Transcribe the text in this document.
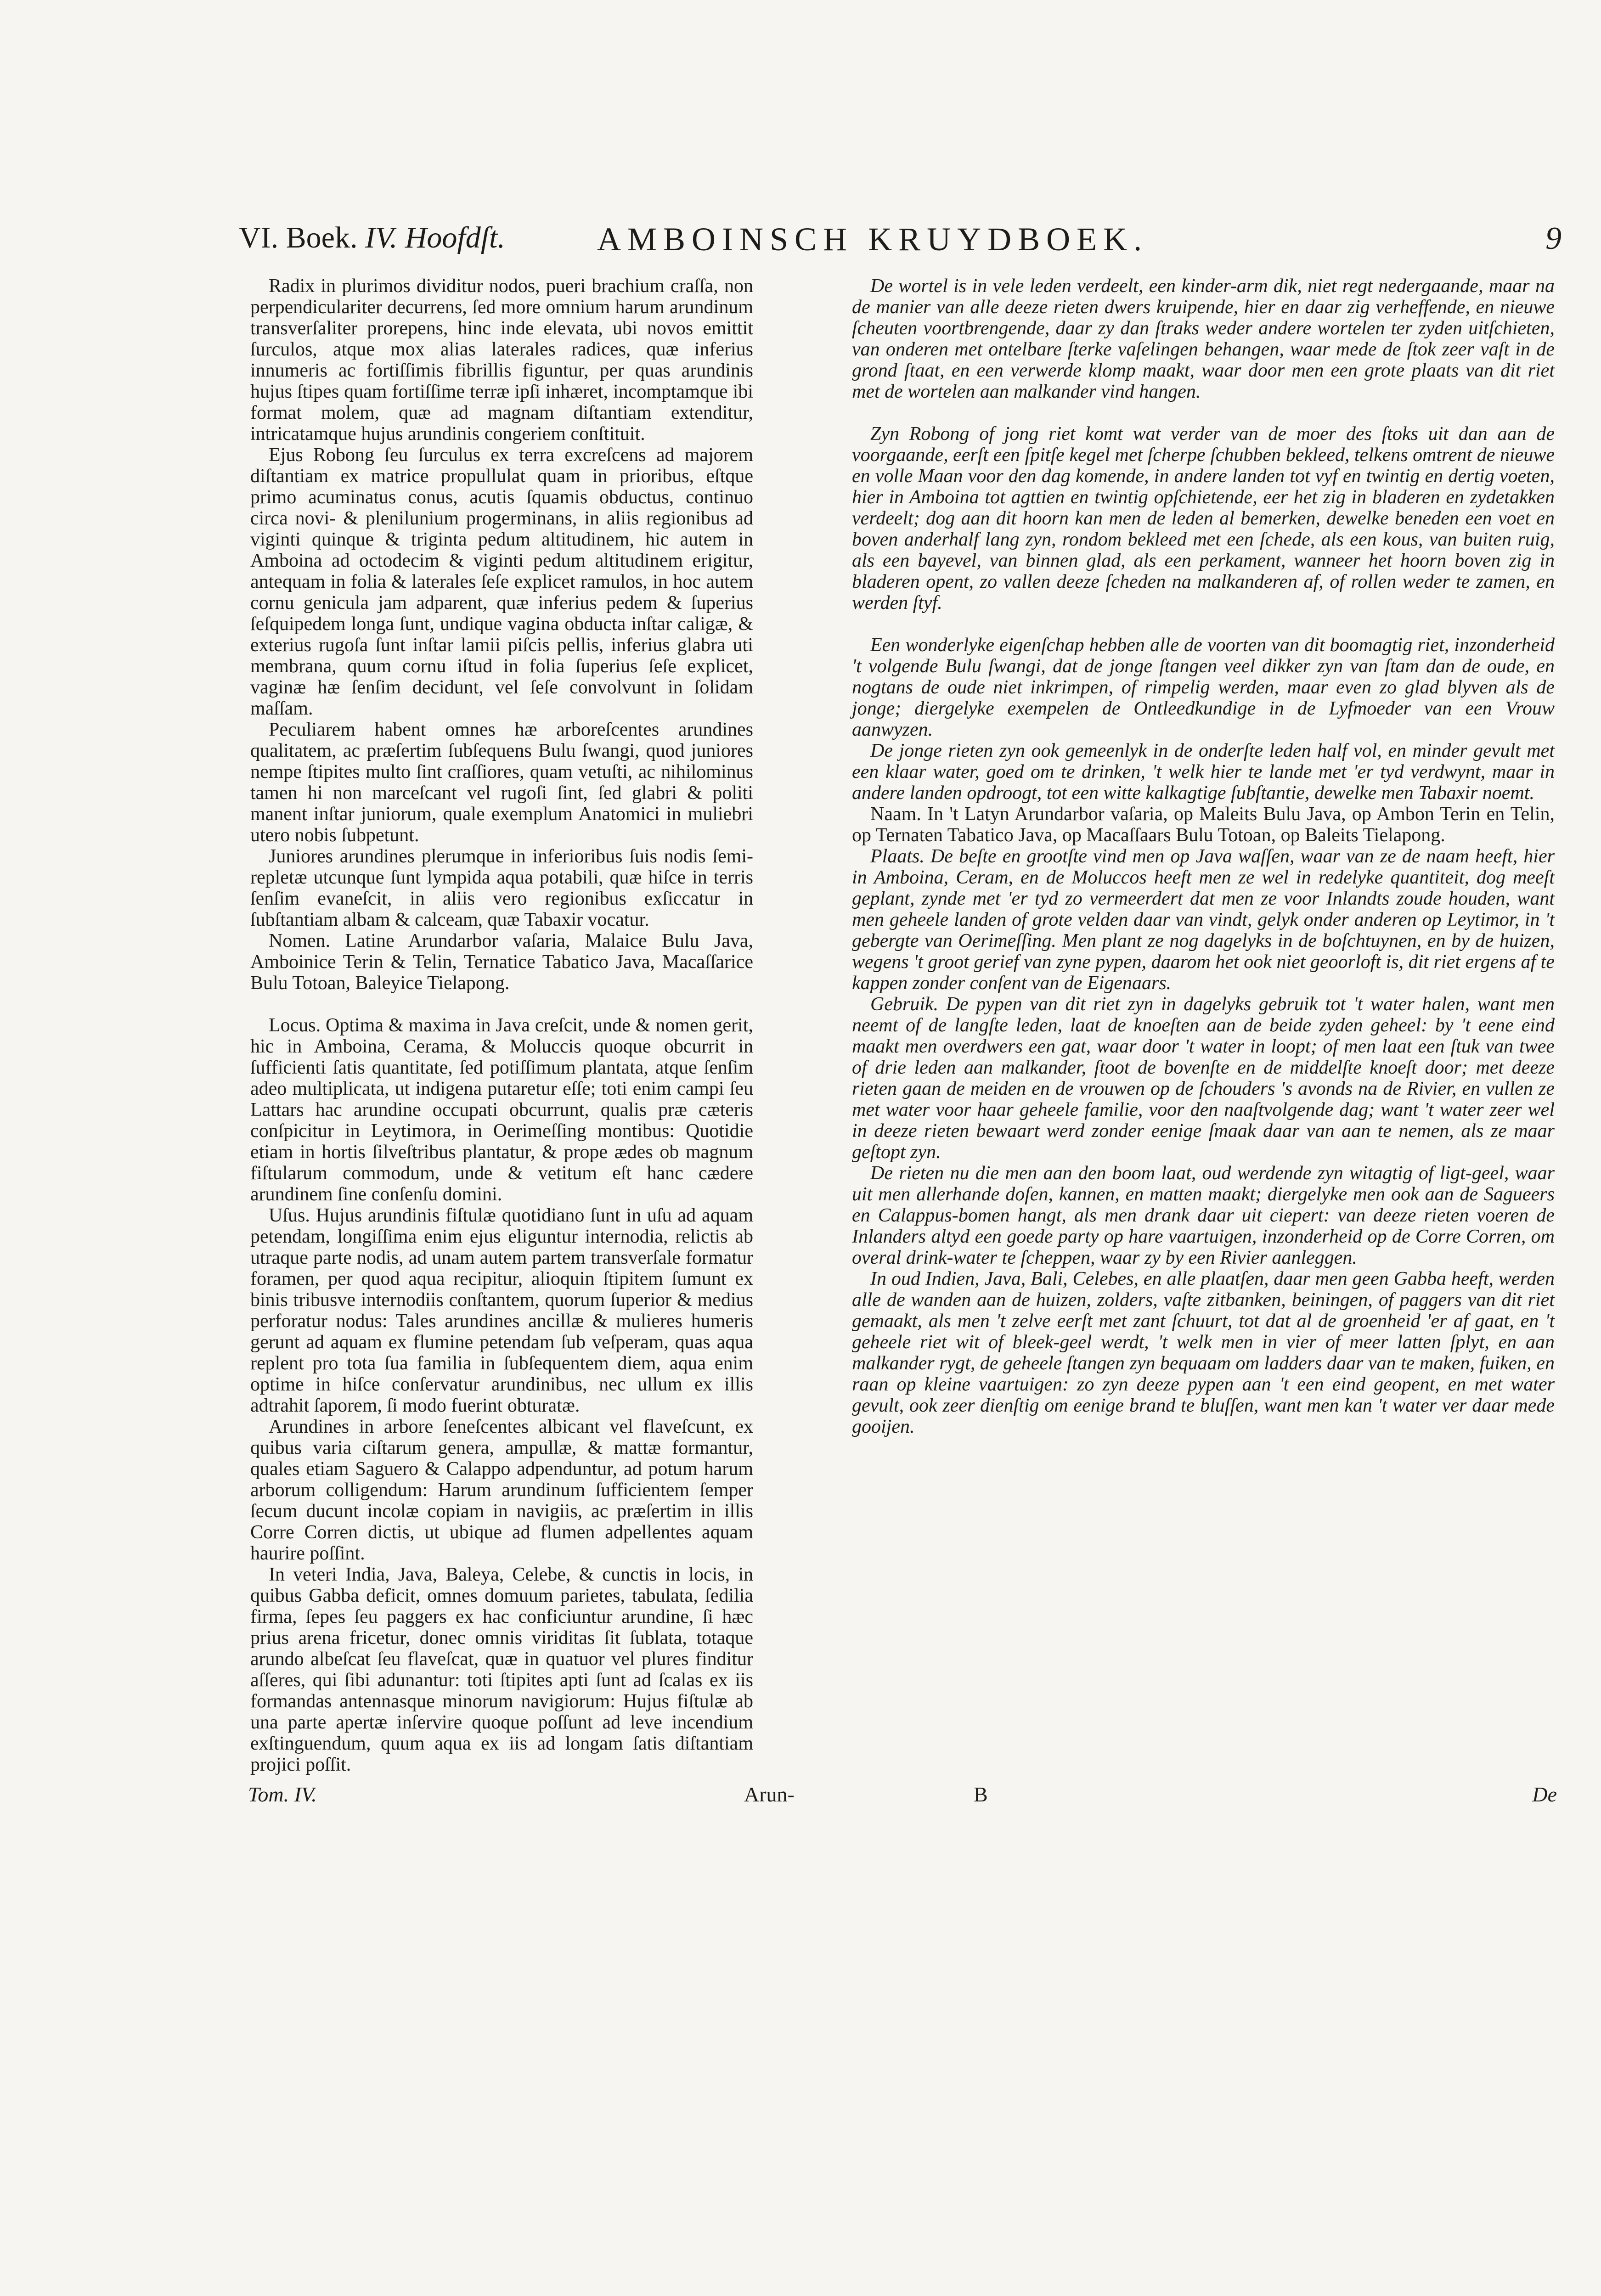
VI. Boek. IV. Hoofdſt.	AMBOINSCH KRUYDBOEK.	9

Radix in plurimos dividitur nodos, pueri brachium craſſa, non perpendiculariter decurrens, ſed more omnium harum arundinum transverſaliter prorepens, hinc inde elevata, ubi novos emittit ſurculos, atque mox alias laterales radices, quæ inferius innumeris ac fortiſſimis fibrillis figuntur, per quas arundinis hujus ſtipes quam fortiſſime terræ ipſi inhæret, incomptamque ibi format molem, quæ ad magnam diſtantiam extenditur, intricatamque hujus arundinis congeriem conſtituit.

Ejus Robong ſeu ſurculus ex terra excreſcens ad majorem diſtantiam ex matrice propullulat quam in prioribus, eſtque primo acuminatus conus, acutis ſquamis obductus, continuo circa novi- & plenilunium progerminans, in aliis regionibus ad viginti quinque & triginta pedum altitudinem, hic autem in Amboina ad octodecim & viginti pedum altitudinem erigitur, antequam in folia & laterales ſeſe explicet ramulos, in hoc autem cornu genicula jam adparent, quæ inferius pedem & ſuperius ſeſquipedem longa ſunt, undique vagina obducta inſtar caligæ, & exterius rugoſa ſunt inſtar lamii piſcis pellis, inferius glabra uti membrana, quum cornu iſtud in folia ſuperius ſeſe explicet, vaginæ hæ ſenſim decidunt, vel ſeſe convolvunt in ſolidam maſſam.

Peculiarem habent omnes hæ arboreſcentes arundines qualitatem, ac præſertim ſubſequens Bulu ſwangi, quod juniores nempe ſtipites multo ſint craſſiores, quam vetuſti, ac nihilominus tamen hi non marceſcant vel rugoſi ſint, ſed glabri & politi manent inſtar juniorum, quale exemplum Anatomici in muliebri utero nobis ſubpetunt.

Juniores arundines plerumque in inferioribus ſuis nodis ſemi-repletæ utcunque ſunt lympida aqua potabili, quæ hiſce in terris ſenſim evaneſcit, in aliis vero regionibus exſiccatur in ſubſtantiam albam & calceam, quæ Tabaxir vocatur.

Nomen. Latine Arundarbor vaſaria, Malaice Bulu Java, Amboinice Terin & Telin, Ternatice Tabatico Java, Macaſſarice Bulu Totoan, Baleyice Tielapong.

Locus. Optima & maxima in Java creſcit, unde & nomen gerit, hic in Amboina, Cerama, & Moluccis quoque obcurrit in ſufficienti ſatis quantitate, ſed potiſſimum plantata, atque ſenſim adeo multiplicata, ut indigena putaretur eſſe; toti enim campi ſeu Lattars hac arundine occupati obcurrunt, qualis præ cæteris conſpicitur in Leytimora, in Oerimeſſing montibus: Quotidie etiam in hortis ſilveſtribus plantatur, & prope ædes ob magnum fiſtularum commodum, unde & vetitum eſt hanc cædere arundinem ſine conſenſu domini.

Uſus. Hujus arundinis fiſtulæ quotidiano ſunt in uſu ad aquam petendam, longiſſima enim ejus eliguntur internodia, relictis ab utraque parte nodis, ad unam autem partem transverſale formatur foramen, per quod aqua recipitur, alioquin ſtipitem ſumunt ex binis tribusve internodiis conſtantem, quorum ſuperior & medius perforatur nodus: Tales arundines ancillæ & mulieres humeris gerunt ad aquam ex flumine petendam ſub veſperam, quas aqua replent pro tota ſua familia in ſubſequentem diem, aqua enim optime in hiſce conſervatur arundinibus, nec ullum ex illis adtrahit ſaporem, ſi modo fuerint obturatæ.

Arundines in arbore ſeneſcentes albicant vel flaveſcunt, ex quibus varia ciſtarum genera, ampullæ, & mattæ formantur, quales etiam Saguero & Calappo adpenduntur, ad potum harum arborum colligendum: Harum arundinum ſufficientem ſemper ſecum ducunt incolæ copiam in navigiis, ac præſertim in illis Corre Corren dictis, ut ubique ad flumen adpellentes aquam haurire poſſint.

In veteri India, Java, Baleya, Celebe, & cunctis in locis, in quibus Gabba deficit, omnes domuum parietes, tabulata, ſedilia firma, ſepes ſeu paggers ex hac conficiuntur arundine, ſi hæc prius arena fricetur, donec omnis viriditas ſit ſublata, totaque arundo albeſcat ſeu flaveſcat, quæ in quatuor vel plures finditur aſſeres, qui ſibi adunantur: toti ſtipites apti ſunt ad ſcalas ex iis formandas antennasque minorum navigiorum: Hujus fiſtulæ ab una parte apertæ inſervire quoque poſſunt ad leve incendium exſtinguendum, quum aqua ex iis ad longam ſatis diſtantiam projici poſſit.

De wortel is in vele leden verdeelt, een kinder-arm dik, niet regt nedergaande, maar na de manier van alle deeze rieten dwers kruipende, hier en daar zig verheffende, en nieuwe ſcheuten voortbrengende, daar zy dan ſtraks weder andere wortelen ter zyden uitſchieten, van onderen met ontelbare ſterke vaſelingen behangen, waar mede de ſtok zeer vaſt in de grond ſtaat, en een verwerde klomp maakt, waar door men een grote plaats van dit riet met de wortelen aan malkander vind hangen.

Zyn Robong of jong riet komt wat verder van de moer des ſtoks uit dan aan de voorgaande, eerſt een ſpitſe kegel met ſcherpe ſchubben bekleed, telkens omtrent de nieuwe en volle Maan voor den dag komende, in andere landen tot vyf en twintig en dertig voeten, hier in Amboina tot agttien en twintig opſchietende, eer het zig in bladeren en zydetakken verdeelt; dog aan dit hoorn kan men de leden al bemerken, dewelke beneden een voet en boven anderhalf lang zyn, rondom bekleed met een ſchede, als een kous, van buiten ruig, als een bayevel, van binnen glad, als een perkament, wanneer het hoorn boven zig in bladeren opent, zo vallen deeze ſcheden na malkanderen af, of rollen weder te zamen, en werden ſtyf.

Een wonderlyke eigenſchap hebben alle de voorten van dit boomagtig riet, inzonderheid 't volgende Bulu ſwangi, dat de jonge ſtangen veel dikker zyn van ſtam dan de oude, en nogtans de oude niet inkrimpen, of rimpelig werden, maar even zo glad blyven als de jonge; diergelyke exempelen de Ontleedkundige in de Lyfmoeder van een Vrouw aanwyzen.

De jonge rieten zyn ook gemeenlyk in de onderſte leden half vol, en minder gevult met een klaar water, goed om te drinken, 't welk hier te lande met 'er tyd verdwynt, maar in andere landen opdroogt, tot een witte kalkagtige ſubſtantie, dewelke men Tabaxir noemt.

Naam. In 't Latyn Arundarbor vaſaria, op Maleits Bulu Java, op Ambon Terin en Telin, op Ternaten Tabatico Java, op Macaſſaars Bulu Totoan, op Baleits Tielapong.

Plaats. De beſte en grootſte vind men op Java waſſen, waar van ze de naam heeft, hier in Amboina, Ceram, en de Moluccos heeft men ze wel in redelyke quantiteit, dog meeſt geplant, zynde met 'er tyd zo vermeerdert dat men ze voor Inlandts zoude houden, want men geheele landen of grote velden daar van vindt, gelyk onder anderen op Leytimor, in 't gebergte van Oerimeſſing. Men plant ze nog dagelyks in de boſchtuynen, en by de huizen, wegens 't groot gerief van zyne pypen, daarom het ook niet geoorloft is, dit riet ergens af te kappen zonder conſent van de Eigenaars.

Gebruik. De pypen van dit riet zyn in dagelyks gebruik tot 't water halen, want men neemt of de langſte leden, laat de knoeſten aan de beide zyden geheel: by 't eene eind maakt men overdwers een gat, waar door 't water in loopt; of men laat een ſtuk van twee of drie leden aan malkander, ſtoot de bovenſte en de middelſte knoeſt door; met deeze rieten gaan de meiden en de vrouwen op de ſchouders 's avonds na de Rivier, en vullen ze met water voor haar geheele familie, voor den naaſtvolgende dag; want 't water zeer wel in deeze rieten bewaart werd zonder eenige ſmaak daar van aan te nemen, als ze maar geſtopt zyn.

De rieten nu die men aan den boom laat, oud werdende zyn witagtig of ligt-geel, waar uit men allerhande doſen, kannen, en matten maakt; diergelyke men ook aan de Sagueers en Calappus-bomen hangt, als men drank daar uit ciepert: van deeze rieten voeren de Inlanders altyd een goede party op hare vaartuigen, inzonderheid op de Corre Corren, om overal drink-water te ſcheppen, waar zy by een Rivier aanleggen.

In oud Indien, Java, Bali, Celebes, en alle plaatſen, daar men geen Gabba heeft, werden alle de wanden aan de huizen, zolders, vaſte zitbanken, beiningen, of paggers van dit riet gemaakt, als men 't zelve eerſt met zant ſchuurt, tot dat al de groenheid 'er af gaat, en 't geheele riet wit of bleek-geel werdt, 't welk men in vier of meer latten ſplyt, en aan malkander rygt, de geheele ſtangen zyn bequaam om ladders daar van te maken, fuiken, en raan op kleine vaartuigen: zo zyn deeze pypen aan 't een eind geopent, en met water gevult, ook zeer dienſtig om eenige brand te bluſſen, want men kan 't water ver daar mede gooijen.

Tom. IV.	Arun-	B	De
